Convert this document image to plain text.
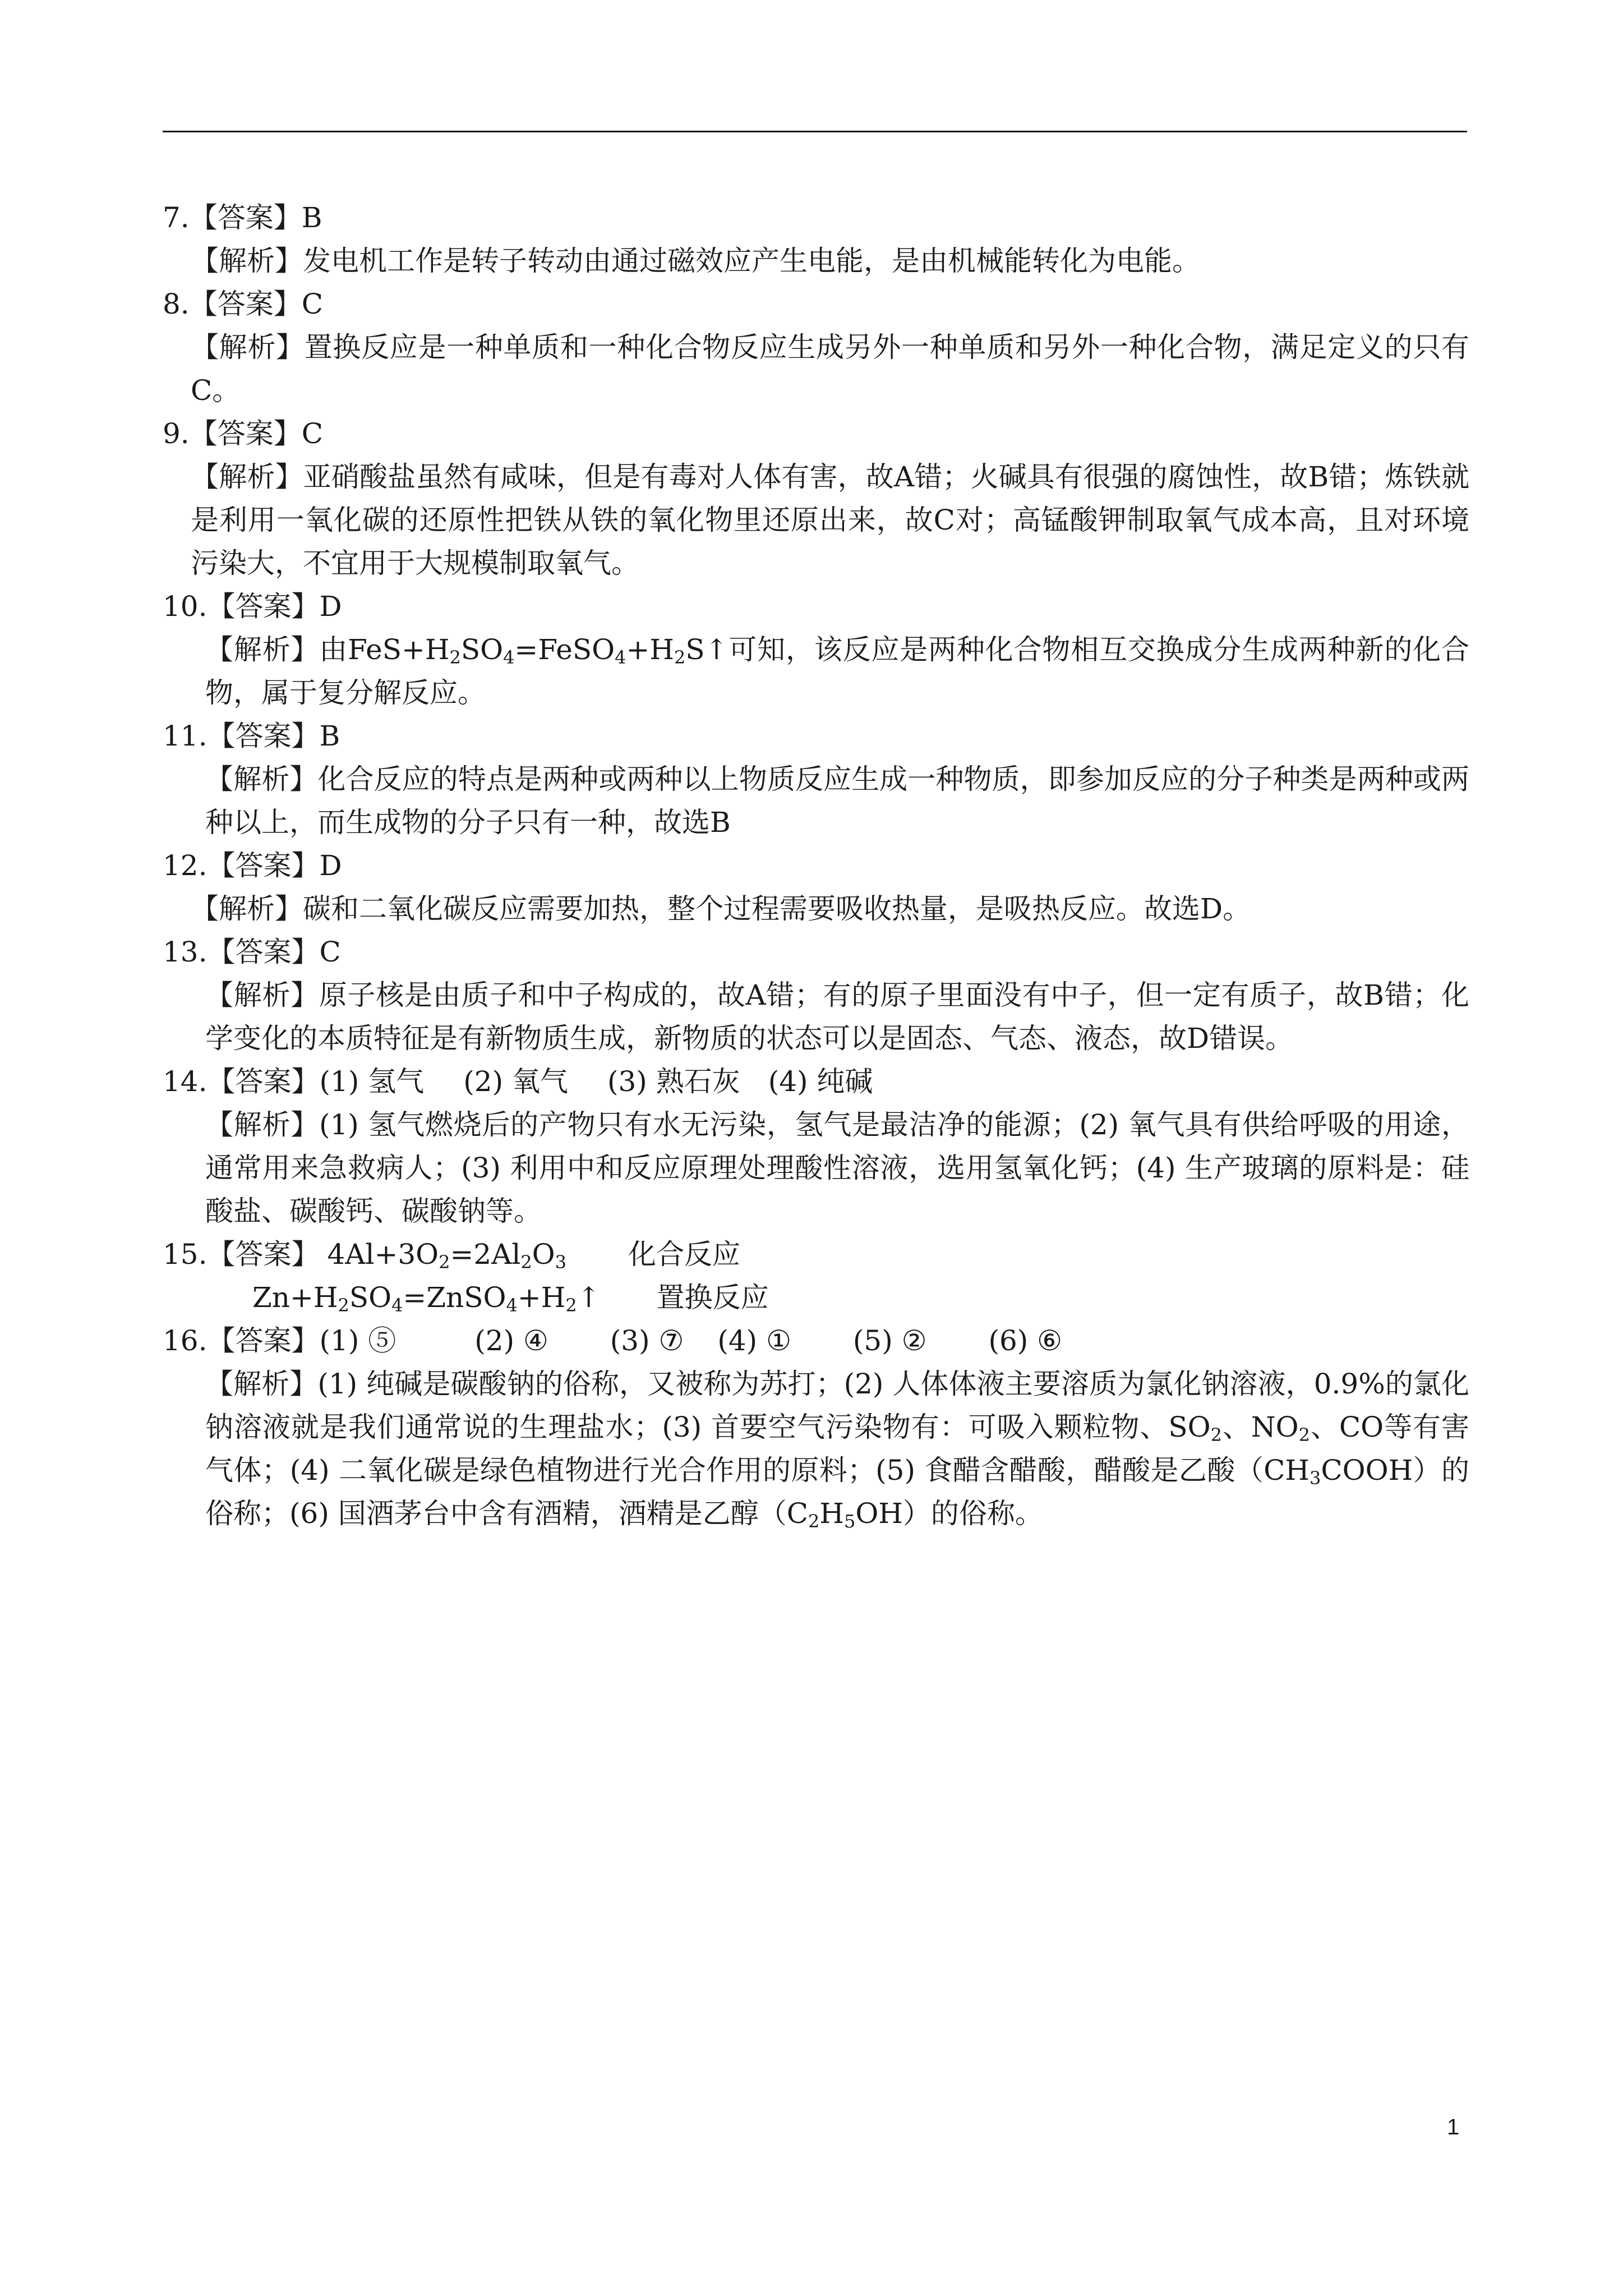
7.【答案】B
【解析】发电机工作是转子转动由通过磁效应产生电能，是由机械能转化为电能。
8.【答案】C
【解析】置换反应是一种单质和一种化合物反应生成另外一种单质和另外一种化合物，满足定义的只有C。
9.【答案】C
【解析】亚硝酸盐虽然有咸味，但是有毒对人体有害，故A错；火碱具有很强的腐蚀性，故B错；炼铁就是利用一氧化碳的还原性把铁从铁的氧化物里还原出来，故C对；高锰酸钾制取氧气成本高，且对环境污染大，不宜用于大规模制取氧气。
10.【答案】D
【解析】由$FeS+H_2SO_4=FeSO_4+H_2S↑$可知，该反应是两种化合物相互交换成分生成两种新的化合物，属于复分解反应。
11.【答案】B
【解析】化合反应的特点是两种或两种以上物质反应生成一种物质，即参加反应的分子种类是两种或两种以上，而生成物的分子只有一种，故选B
12.【答案】D
【解析】碳和二氧化碳反应需要加热，整个过程需要吸收热量，是吸热反应。故选D。
13.【答案】C
【解析】原子核是由质子和中子构成的，故A错；有的原子里面没有中子，但一定有质子，故B错；化学变化的本质特征是有新物质生成，新物质的状态可以是固态、气态、液态，故D错误。
14.【答案】(1) 氢气 (2) 氧气 (3) 熟石灰 (4) 纯碱
【解析】(1) 氢气燃烧后的产物只有水无污染，氢气是最洁净的能源；(2) 氧气具有供给呼吸的用途，通常用来急救病人；(3) 利用中和反应原理处理酸性溶液，选用氢氧化钙；(4) 生产玻璃的原料是：硅酸盐、碳酸钙、碳酸钠等。
15.【答案】 $4Al+3O_2=2Al_2O_3$ 化合反应
$Zn+H_2SO_4=ZnSO_4+H_2↑$ 置换反应
16.【答案】(1) ⑤	(2) ④ (3) ⑦ (4) ① (5) ② (6) ⑥
【解析】(1) 纯碱是碳酸钠的俗称，又被称为苏打；(2) 人体体液主要溶质为氯化钠溶液，0.9%的氯化钠溶液就是我们通常说的生理盐水；(3) 首要空气污染物有：可吸入颗粒物、$SO_2$、$NO_2$、CO等有害气体；(4) 二氧化碳是绿色植物进行光合作用的原料；(5) 食醋含醋酸，醋酸是乙酸$(CH_3COOH)$的俗称；(6) 国酒茅台中含有酒精，酒精是乙醇$(C_2H_5OH)$的俗称。
1
